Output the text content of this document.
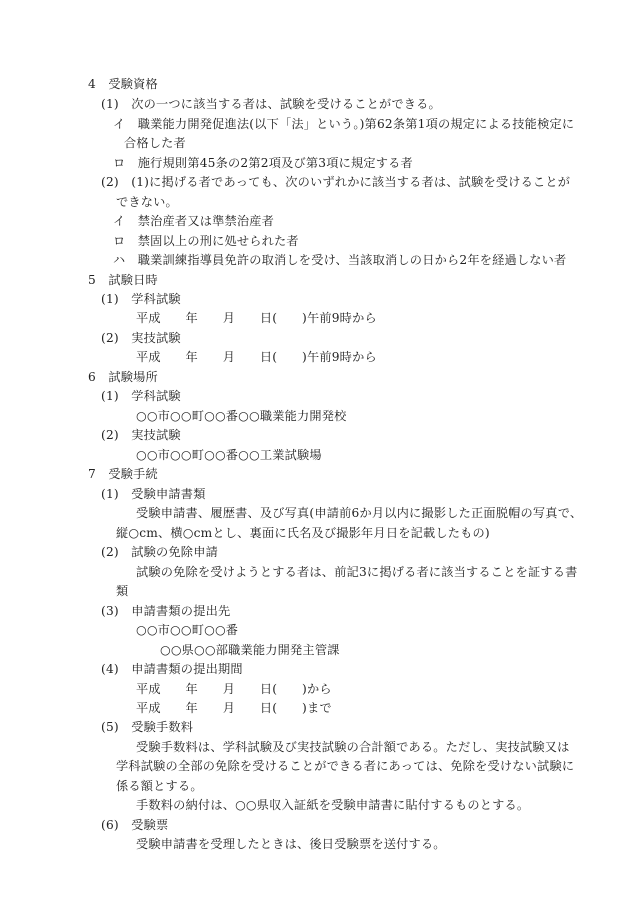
4　受験資格
(1)　次の一つに該当する者は、試験を受けることができる。
イ　職業能力開発促進法(以下「法」という。)第62条第1項の規定による技能検定に
合格した者
ロ　施行規則第45条の2第2項及び第3項に規定する者
(2)　(1)に掲げる者であっても、次のいずれかに該当する者は、試験を受けることが
できない。
イ　禁治産者又は準禁治産者
ロ　禁固以上の刑に処せられた者
ハ　職業訓練指導員免許の取消しを受け、当該取消しの日から2年を経過しない者
5　試験日時
(1)　学科試験
平成　　年　　月　　日(　　)午前9時から
(2)　実技試験
平成　　年　　月　　日(　　)午前9時から
6　試験場所
(1)　学科試験
○○市○○町○○番○○職業能力開発校
(2)　実技試験
○○市○○町○○番○○工業試験場
7　受験手続
(1)　受験申請書類
受験申請書、履歴書、及び写真(申請前6か月以内に撮影した正面脱帽の写真で、
縦○cm、横○cmとし、裏面に氏名及び撮影年月日を記載したもの)
(2)　試験の免除申請
試験の免除を受けようとする者は、前記3に掲げる者に該当することを証する書
類
(3)　申請書類の提出先
○○市○○町○○番
○○県○○部職業能力開発主管課
(4)　申請書類の提出期間
平成　　年　　月　　日(　　)から
平成　　年　　月　　日(　　)まで
(5)　受験手数料
受験手数料は、学科試験及び実技試験の合計額である。ただし、実技試験又は
学科試験の全部の免除を受けることができる者にあっては、免除を受けない試験に
係る額とする。
手数料の納付は、○○県収入証紙を受験申請書に貼付するものとする。
(6)　受験票
受験申請書を受理したときは、後日受験票を送付する。
